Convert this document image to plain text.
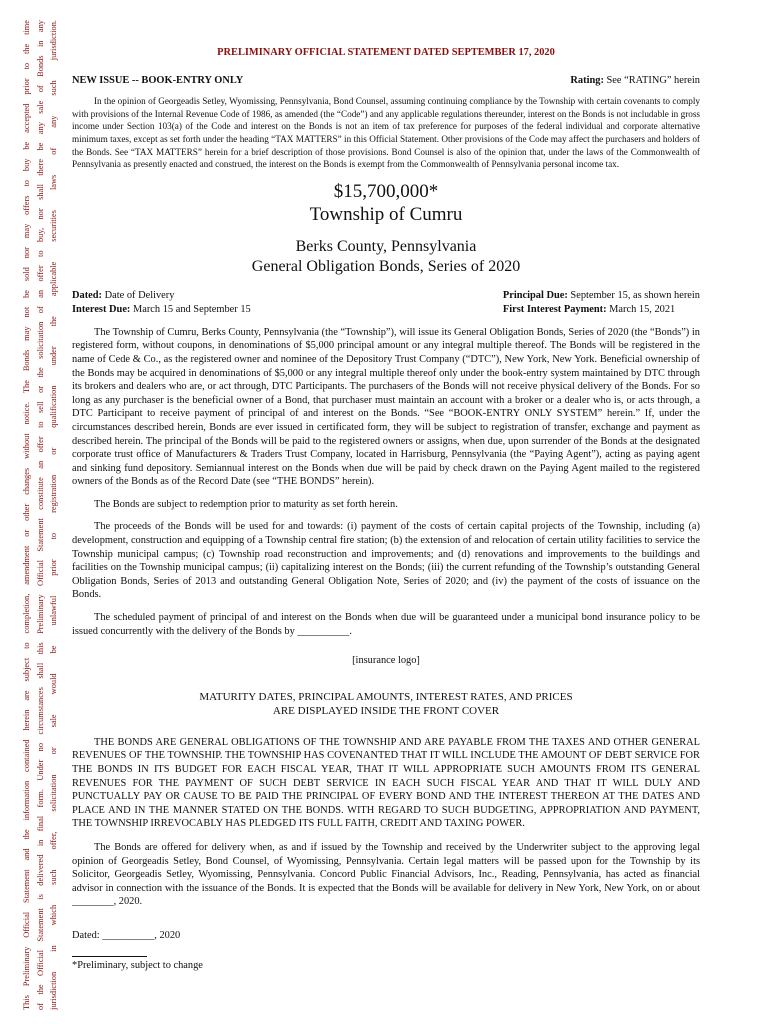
This Preliminary Official Statement and the information contained herein are subject to completion, amendment or other changes without notice. The Bonds may not be sold nor may offers to buy be accepted prior to the time of the Official Statement is delivered in final form. Under no circumstances shall this Preliminary Official Statement constitute an offer to sell or the solicitation of an offer to buy, nor shall there be any sale of Bonds in any jurisdiction in which such offer, solicitation or sale would be unlawful prior to registration or qualification under the applicable securities laws of any such jurisdiction.	PRELIMINARY OFFICIAL STATEMENT DATED SEPTEMBER 17, 2020
NEW ISSUE -- BOOK-ENTRY ONLY	Rating: See “RATING” herein

In the opinion of Georgeadis Setley, Wyomissing, Pennsylvania, Bond Counsel, assuming continuing compliance by the Township with certain covenants to comply with provisions of the Internal Revenue Code of 1986, as amended (the “Code”) and any applicable regulations thereunder, interest on the Bonds is not includable in gross income under Section 103(a) of the Code and interest on the Bonds is not an item of tax preference for purposes of the federal individual and corporate alternative minimum taxes, except as set forth under the heading “TAX MATTERS” in this Official Statement. Other provisions of the Code may affect the purchasers and holders of the Bonds. See “TAX MATTERS” herein for a brief description of those provisions. Bond Counsel is also of the opinion that, under the laws of the Commonwealth of Pennsylvania as presently enacted and construed, the interest on the Bonds is exempt from the Commonwealth of Pennsylvania personal income tax.

$15,700,000*
Township of Cumru
Berks County, Pennsylvania
General Obligation Bonds, Series of 2020
Dated: Date of Delivery
Interest Due: March 15 and September 15
Principal Due: September 15, as shown herein
First Interest Payment: March 15, 2021

The Township of Cumru, Berks County, Pennsylvania (the “Township”), will issue its General Obligation Bonds, Series of 2020 (the “Bonds”) in registered form, without coupons, in denominations of $5,000 principal amount or any integral multiple thereof. The Bonds will be registered in the name of Cede & Co., as the registered owner and nominee of the Depository Trust Company (“DTC”), New York, New York. Beneficial ownership of the Bonds may be acquired in denominations of $5,000 or any integral multiple thereof only under the book-entry system maintained by DTC through its brokers and dealers who are, or act through, DTC Participants. The purchasers of the Bonds will not receive physical delivery of the Bonds. For so long as any purchaser is the beneficial owner of a Bond, that purchaser must maintain an account with a broker or a dealer who is, or acts through, a DTC Participant to receive payment of principal of and interest on the Bonds. “See “BOOK-ENTRY ONLY SYSTEM” herein.” If, under the circumstances described herein, Bonds are ever issued in certificated form, they will be subject to registration of transfer, exchange and payment as described herein. The principal of the Bonds will be paid to the registered owners or assigns, when due, upon surrender of the Bonds at the designated corporate trust office of Manufacturers & Traders Trust Company, located in Harrisburg, Pennsylvania (the “Paying Agent”), acting as paying agent and sinking fund depository. Semiannual interest on the Bonds when due will be paid by check drawn on the Paying Agent mailed to the registered owners of the Bonds as of the Record Date (see “THE BONDS” herein).

The Bonds are subject to redemption prior to maturity as set forth herein.

The proceeds of the Bonds will be used for and towards: (i) payment of the costs of certain capital projects of the Township, including (a) development, construction and equipping of a Township central fire station; (b) the extension of and relocation of certain utility facilities to service the Township municipal campus; (c) Township road reconstruction and improvements; and (d) renovations and improvements to the buildings and facilities on the Township municipal campus; (ii) capitalizing interest on the Bonds; (iii) the current refunding of the Township’s outstanding General Obligation Bonds, Series of 2013 and outstanding General Obligation Note, Series of 2020; and (iv) the payment of the costs of issuance on the Bonds.

The scheduled payment of principal of and interest on the Bonds when due will be guaranteed under a municipal bond insurance policy to be issued concurrently with the delivery of the Bonds by __________.

[insurance logo]
MATURITY DATES, PRINCIPAL AMOUNTS, INTEREST RATES, AND PRICES
ARE DISPLAYED INSIDE THE FRONT COVER

THE BONDS ARE GENERAL OBLIGATIONS OF THE TOWNSHIP AND ARE PAYABLE FROM THE TAXES AND OTHER GENERAL REVENUES OF THE TOWNSHIP. THE TOWNSHIP HAS COVENANTED THAT IT WILL INCLUDE THE AMOUNT OF DEBT SERVICE FOR THE BONDS IN ITS BUDGET FOR EACH FISCAL YEAR, THAT IT WILL APPROPRIATE SUCH AMOUNTS FROM ITS GENERAL REVENUES FOR THE PAYMENT OF SUCH DEBT SERVICE IN EACH SUCH FISCAL YEAR AND THAT IT WILL DULY AND PUNCTUALLY PAY OR CAUSE TO BE PAID THE PRINCIPAL OF EVERY BOND AND THE INTEREST THEREON AT THE DATES AND PLACE AND IN THE MANNER STATED ON THE BONDS. WITH REGARD TO SUCH BUDGETING, APPROPRIATION AND PAYMENT, THE TOWNSHIP IRREVOCABLY HAS PLEDGED ITS FULL FAITH, CREDIT AND TAXING POWER.

The Bonds are offered for delivery when, as and if issued by the Township and received by the Underwriter subject to the approving legal opinion of Georgeadis Setley, Bond Counsel, of Wyomissing, Pennsylvania. Certain legal matters will be passed upon for the Township by its Solicitor, Georgeadis Setley, Wyomissing, Pennsylvania. Concord Public Financial Advisors, Inc., Reading, Pennsylvania, has acted as financial advisor in connection with the issuance of the Bonds. It is expected that the Bonds will be available for delivery in New York, New York, on or about ________, 2020.

Dated: __________, 2020
*Preliminary, subject to change
